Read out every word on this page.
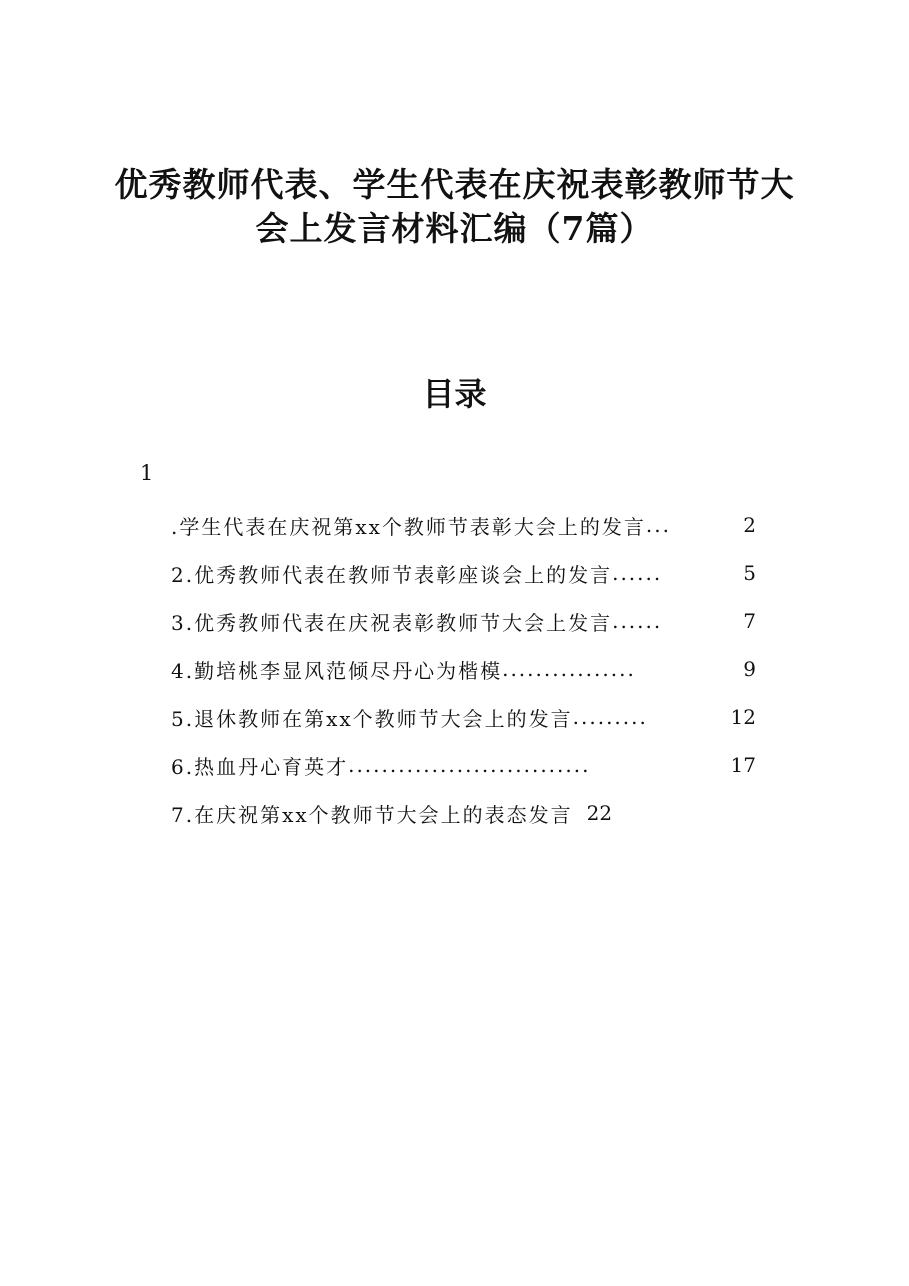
优秀教师代表、学生代表在庆祝表彰教师节大
会上发言材料汇编（7篇）
目录
1
.学生代表在庆祝第xx个教师节表彰大会上的发言 ...	2
2.优秀教师代表在教师节表彰座谈会上的发言 ......	5
3.优秀教师代表在庆祝表彰教师节大会上发言 ......	7
4.勤培桃李显风范倾尽丹心为楷模 ................	9
5.退休教师在第xx个教师节大会上的发言 .........	12
6.热血丹心育英才 .............................	17
7.在庆祝第xx个教师节大会上的表态发言 22
